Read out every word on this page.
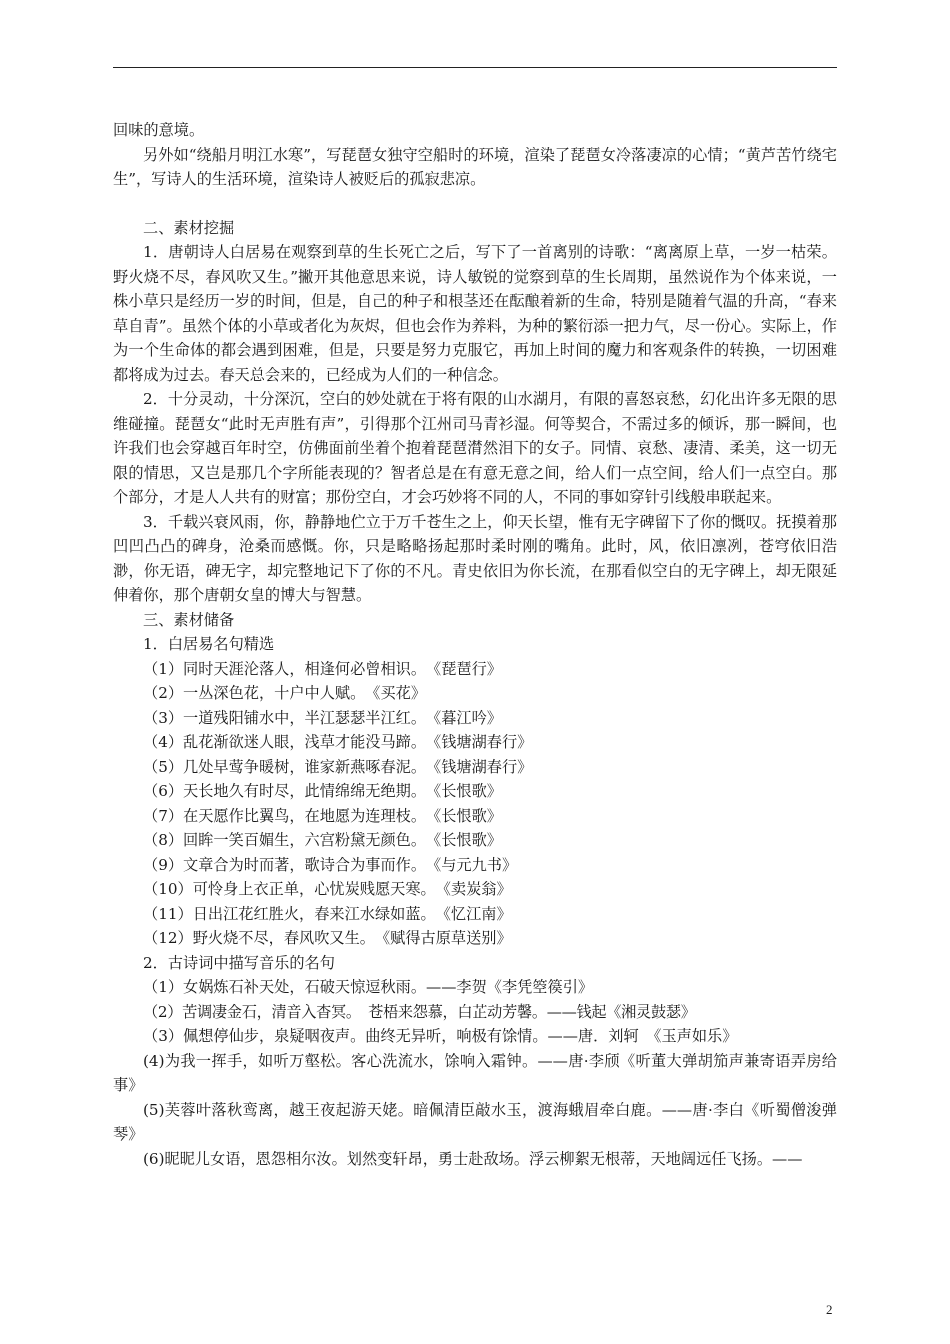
回味的意境。

另外如“绕船月明江水寒”，写琵琶女独守空船时的环境，渲染了琵琶女冷落凄凉的心情；“黄芦苦竹绕宅生”，写诗人的生活环境，渲染诗人被贬后的孤寂悲凉。

二、素材挖掘

1．唐朝诗人白居易在观察到草的生长死亡之后，写下了一首离别的诗歌：“离离原上草，一岁一枯荣。野火烧不尽，春风吹又生。”撇开其他意思来说，诗人敏锐的觉察到草的生长周期，虽然说作为个体来说，一株小草只是经历一岁的时间，但是，自己的种子和根茎还在酝酿着新的生命，特别是随着气温的升高，“春来草自青”。虽然个体的小草或者化为灰烬，但也会作为养料，为种的繁衍添一把力气，尽一份心。实际上，作为一个生命体的都会遇到困难，但是，只要是努力克服它，再加上时间的魔力和客观条件的转换，一切困难都将成为过去。春天总会来的，已经成为人们的一种信念。

2．十分灵动，十分深沉，空白的妙处就在于将有限的山水湖月，有限的喜怒哀愁，幻化出许多无限的思维碰撞。琵琶女“此时无声胜有声”，引得那个江州司马青衫湿。何等契合，不需过多的倾诉，那一瞬间，也许我们也会穿越百年时空，仿佛面前坐着个抱着琵琶潸然泪下的女子。同情、哀愁、凄清、柔美，这一切无限的情思，又岂是那几个字所能表现的？智者总是在有意无意之间，给人们一点空间，给人们一点空白。那个部分，才是人人共有的财富；那份空白，才会巧妙将不同的人，不同的事如穿针引线般串联起来。

3．千载兴衰风雨，你，静静地伫立于万千苍生之上，仰天长望，惟有无字碑留下了你的慨叹。抚摸着那凹凹凸凸的碑身，沧桑而感慨。你，只是略略扬起那时柔时刚的嘴角。此时，风，依旧凛冽，苍穹依旧浩渺，你无语，碑无字，却完整地记下了你的不凡。青史依旧为你长流，在那看似空白的无字碑上，却无限延伸着你，那个唐朝女皇的博大与智慧。

三、素材储备

1．白居易名句精选

（1）同时天涯沦落人，相逢何必曾相识。　《琵琶行》

（2）一丛深色花，十户中人赋。　《买花》

（3）一道残阳铺水中，半江瑟瑟半江红。　《暮江吟》

（4）乱花渐欲迷人眼，浅草才能没马蹄。　《钱塘湖春行》

（5）几处早莺争暖树，谁家新燕啄春泥。　《钱塘湖春行》

（6）天长地久有时尽，此情绵绵无绝期。　《长恨歌》

（7）在天愿作比翼鸟，在地愿为连理枝。　《长恨歌》

（8）回眸一笑百媚生，六宫粉黛无颜色。　《长恨歌》

（9）文章合为时而著，歌诗合为事而作。　《与元九书》

（10）可怜身上衣正单，心忧炭贱愿天寒。　《卖炭翁》

（11）日出江花红胜火，春来江水绿如蓝。　《忆江南》

（12）野火烧不尽，春风吹又生。　《赋得古原草送别》

2．古诗词中描写音乐的名句

（1）女娲炼石补天处，石破天惊逗秋雨。——李贺《李凭箜篌引》

（2）苦调凄金石，清音入杳冥。　苍梧来怨慕，白芷动芳馨。——钱起《湘灵鼓瑟》

（3）佩想停仙步，泉疑咽夜声。曲终无异听，响极有馀情。——唐．刘轲　《玉声如乐》

(4)为我一挥手，如听万壑松。客心洗流水，馀响入霜钟。——唐·李颀《听董大弹胡笳声兼寄语弄房给事》

(5)芙蓉叶落秋鸾离，越王夜起游天姥。暗佩清臣敲水玉，渡海蛾眉牵白鹿。——唐·李白《听蜀僧浚弹琴》

(6)昵昵儿女语，恩怨相尔汝。划然变轩昂，勇士赴敌场。浮云柳絮无根蒂，天地阔远任飞扬。——

2
